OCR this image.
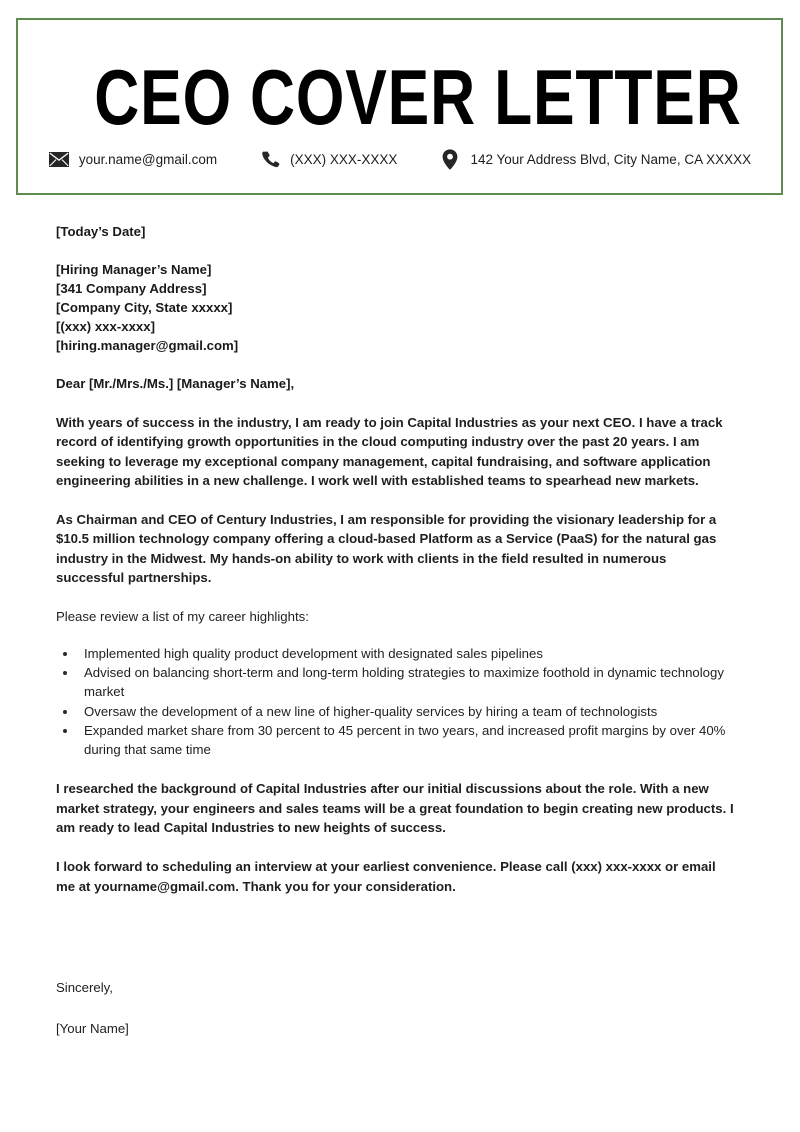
CEO COVER LETTER
your.name@gmail.com	(XXX) XXX-XXXX	142 Your Address Blvd, City Name, CA XXXXX
[Today’s Date]
[Hiring Manager’s Name]
[341 Company Address]
[Company City, State xxxxx]
[(xxx) xxx-xxxx]
[hiring.manager@gmail.com]
Dear [Mr./Mrs./Ms.] [Manager’s Name],

With years of success in the industry, I am ready to join Capital Industries as your next CEO. I have a track record of identifying growth opportunities in the cloud computing industry over the past 20 years. I am seeking to leverage my exceptional company management, capital fundraising, and software application engineering abilities in a new challenge. I work well with established teams to spearhead new markets.

As Chairman and CEO of Century Industries, I am responsible for providing the visionary leadership for a $10.5 million technology company offering a cloud-based Platform as a Service (PaaS) for the natural gas industry in the Midwest. My hands-on ability to work with clients in the field resulted in numerous successful partnerships.

Please review a list of my career highlights:
Implemented high quality product development with designated sales pipelines
Advised on balancing short-term and long-term holding strategies to maximize foothold in dynamic technology market
Oversaw the development of a new line of higher-quality services by hiring a team of technologists
Expanded market share from 30 percent to 45 percent in two years, and increased profit margins by over 40% during that same time

I researched the background of Capital Industries after our initial discussions about the role. With a new market strategy, your engineers and sales teams will be a great foundation to begin creating new products. I am ready to lead Capital Industries to new heights of success.

I look forward to scheduling an interview at your earliest convenience. Please call (xxx) xxx-xxxx or email me at yourname@gmail.com. Thank you for your consideration.

Sincerely,
[Your Name]
